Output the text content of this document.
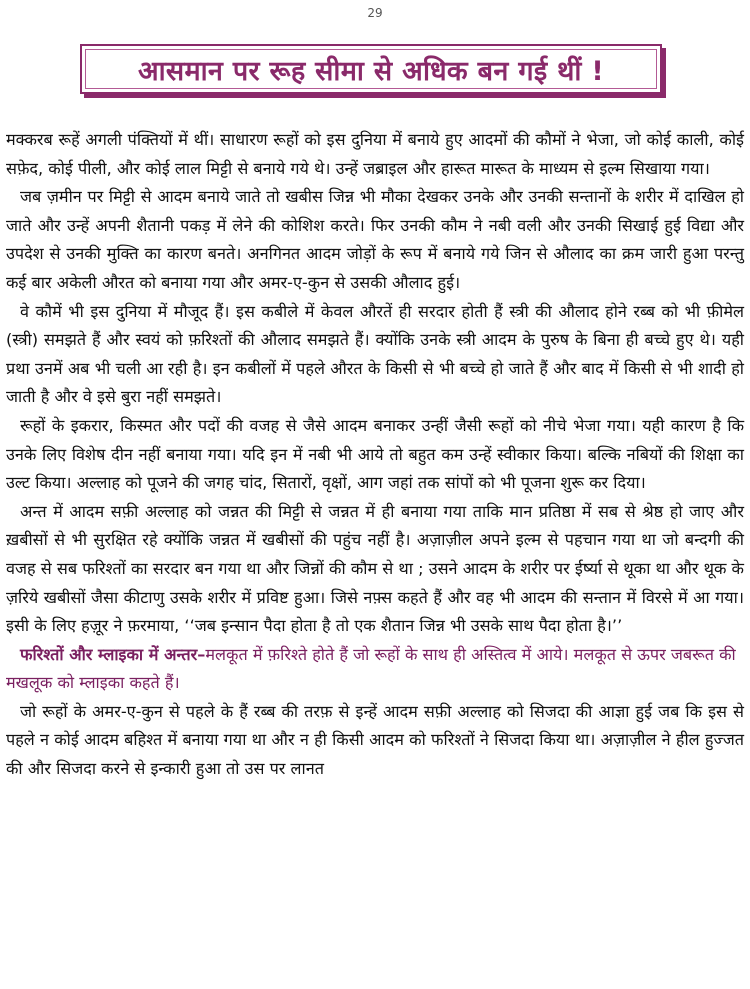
29
आसमान पर रूह सीमा से अधिक बन गई थीं !

मक्करब रूहें अगली पंक्तियों में थीं। साधारण रूहों को इस दुनिया में बनाये हुए आदमों की कौमों ने भेजा, जो कोई काली, कोई सफ़ेद, कोई पीली, और कोई लाल मिट्टी से बनाये गये थे। उन्हें जब्राइल और हारूत मारूत के माध्यम से इल्म सिखाया गया।

जब ज़मीन पर मिट्टी से आदम बनाये जाते तो खबीस जिन्न भी मौका देखकर उनके और उनकी सन्तानों के शरीर में दाखिल हो जाते और उन्हें अपनी शैतानी पकड़ में लेने की कोशिश करते। फिर उनकी कौम ने नबी वली और उनकी सिखाई हुई विद्या और उपदेश से उनकी मुक्ति का कारण बनते। अनगिनत आदम जोड़ों के रूप में बनाये गये जिन से औलाद का क्रम जारी हुआ परन्तु कई बार अकेली औरत को बनाया गया और अमर-ए-कुन से उसकी औलाद हुई।

वे कौमें भी इस दुनिया में मौजूद हैं। इस कबीले में केवल औरतें ही सरदार होती हैं स्त्री की औलाद होने रब्ब को भी फ़ीमेल (स्त्री) समझते हैं और स्वयं को फ़रिश्तों की औलाद समझते हैं। क्योंकि उनके स्त्री आदम के पुरुष के बिना ही बच्चे हुए थे। यही प्रथा उनमें अब भी चली आ रही है। इन कबीलों में पहले औरत के किसी से भी बच्चे हो जाते हैं और बाद में किसी से भी शादी हो जाती है और वे इसे बुरा नहीं समझते।

रूहों के इकरार, किस्मत और पदों की वजह से जैसे आदम बनाकर उन्हीं जैसी रूहों को नीचे भेजा गया। यही कारण है कि उनके लिए विशेष दीन नहीं बनाया गया। यदि इन में नबी भी आये तो बहुत कम उन्हें स्वीकार किया। बल्कि नबियों की शिक्षा का उल्ट किया। अल्लाह को पूजने की जगह चांद, सितारों, वृक्षों, आग जहां तक सांपों को भी पूजना शुरू कर दिया।

अन्त में आदम सफ़ी अल्लाह को जन्नत की मिट्टी से जन्नत में ही बनाया गया ताकि मान प्रतिष्ठा में सब से श्रेष्ठ हो जाए और ख़बीसों से भी सुरक्षित रहे क्योंकि जन्नत में खबीसों की पहुंच नहीं है। अज़ाज़ील अपने इल्म से पहचान गया था जो बन्दगी की वजह से सब फरिश्तों का सरदार बन गया था और जिन्नों की कौम से था ; उसने आदम के शरीर पर ईर्ष्या से थूका था और थूक के ज़रिये खबीसों जैसा कीटाणु उसके शरीर में प्रविष्ट हुआ। जिसे नफ़्स कहते हैं और वह भी आदम की सन्तान में विरसे में आ गया। इसी के लिए हज़ूर ने फ़रमाया, ‘‘जब इन्सान पैदा होता है तो एक शैतान जिन्न भी उसके साथ पैदा होता है।’’

फरिश्तों और म्लाइका में अन्तर–मलकूत में फ़रिश्ते होते हैं जो रूहों के साथ ही अस्तित्व में आये। मलकूत से ऊपर जबरूत की मखलूक को म्लाइका कहते हैं।

जो रूहों के अमर-ए-कुन से पहले के हैं रब्ब की तरफ़ से इन्हें आदम सफ़ी अल्लाह को सिजदा की आज्ञा हुई जब कि इस से पहले न कोई आदम बहिश्त में बनाया गया था और न ही किसी आदम को फरिश्तों ने सिजदा किया था। अज़ाज़ील ने हील हुज्जत की और सिजदा करने से इन्कारी हुआ तो उस पर लानत
